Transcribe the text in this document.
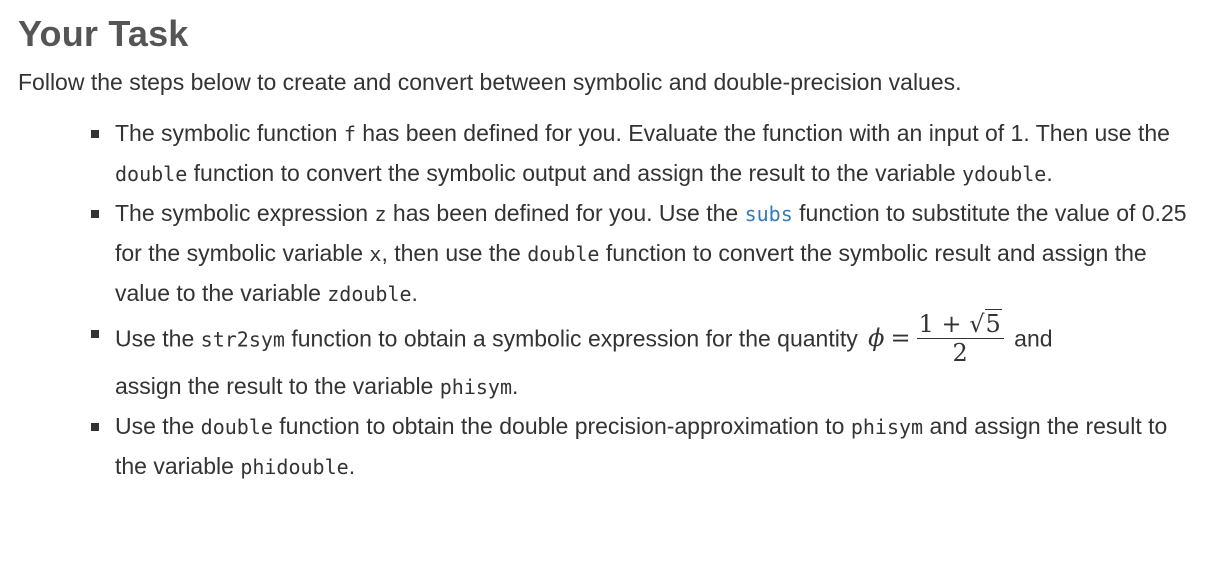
Your Task

Follow the steps below to create and convert between symbolic and double-precision values.

The symbolic function f has been defined for you. Evaluate the function with an input of 1. Then use the double function to convert the symbolic output and assign the result to the variable ydouble.
The symbolic expression z has been defined for you. Use the subs function to substitute the value of 0.25 for the symbolic variable x, then use the double function to convert the symbolic result and assign the value to the variable zdouble.
Use the str2sym function to obtain a symbolic expression for the quantity $\phi = \frac{1 + √5}{2}$ and
assign the result to the variable phisym.
Use the double function to obtain the double precision-approximation to phisym and assign the result to the variable phidouble.
